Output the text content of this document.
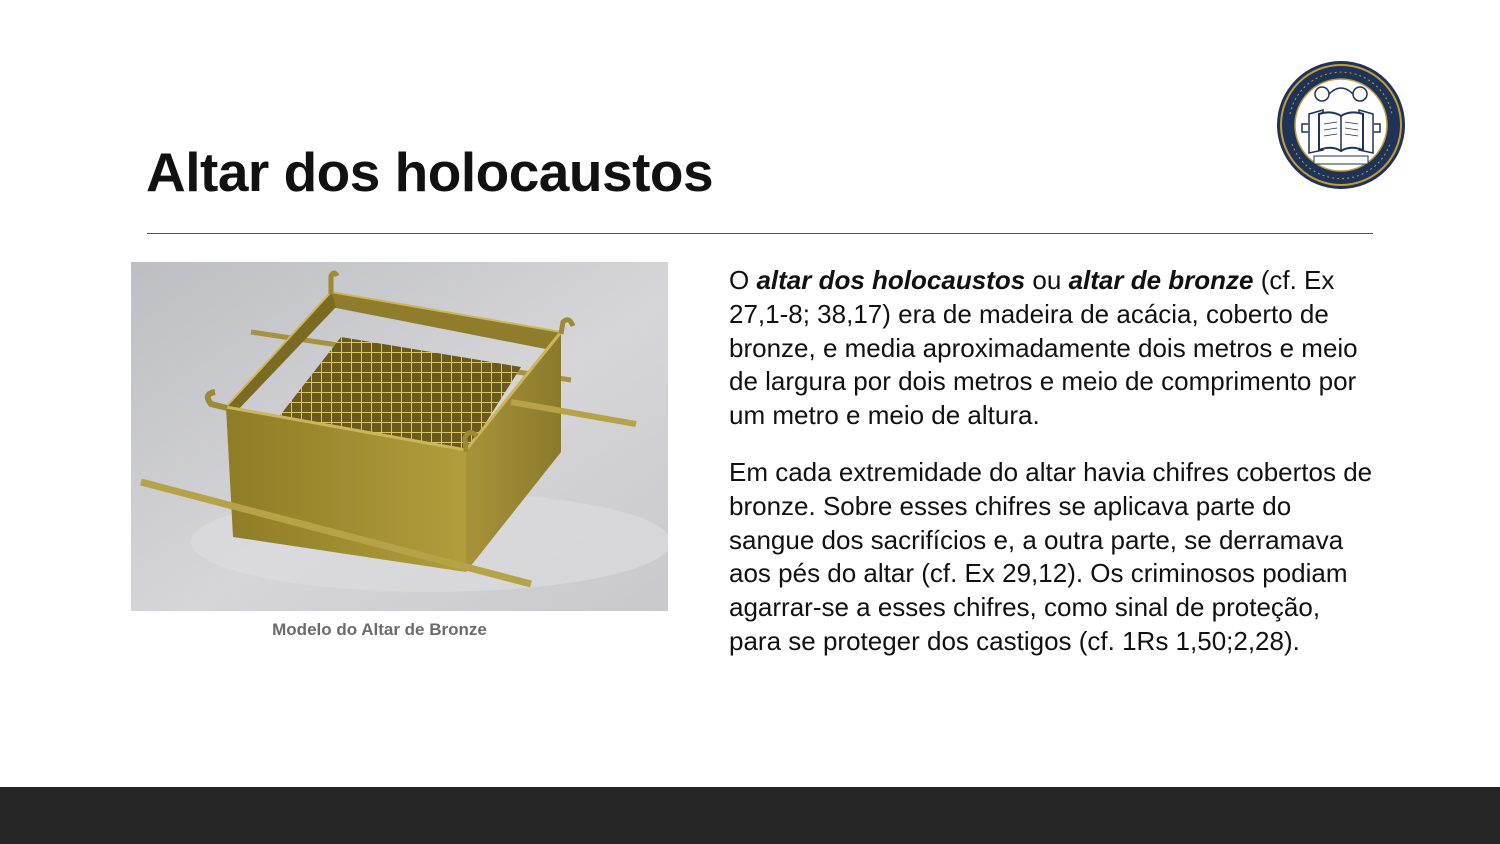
Altar dos holocaustos
Modelo do Altar de Bronze

O altar dos holocaustos ou altar de bronze (cf. Ex 27,1-8; 38,17) era de madeira de acácia, coberto de bronze, e media aproximadamente dois metros e meio de largura por dois metros e meio de comprimento por um metro e meio de altura.

Em cada extremidade do altar havia chifres cobertos de bronze. Sobre esses chifres se aplicava parte do sangue dos sacrifícios e, a outra parte, se derramava aos pés do altar (cf. Ex 29,12). Os criminosos podiam agarrar-se a esses chifres, como sinal de proteção, para se proteger dos castigos (cf. 1Rs 1,50;2,28).
